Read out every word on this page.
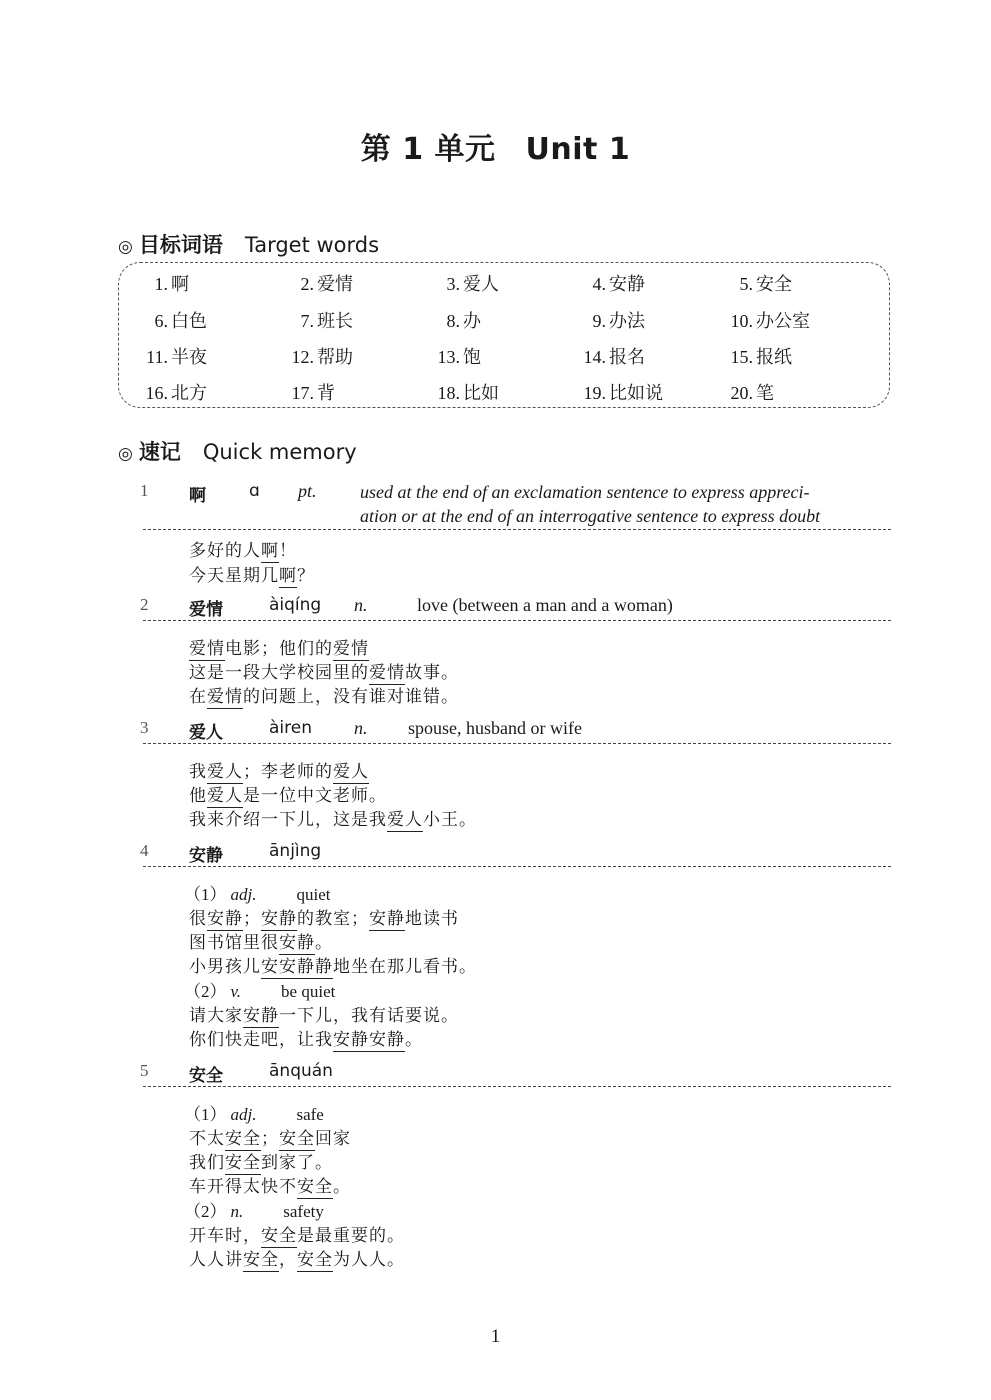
第 1 单元 Unit 1
◎ 目标词语 Target words
1. 啊	2. 爱情	3. 爱人	4. 安静	5. 安全
6. 白色	7. 班长	8. 办	9. 办法	10. 办公室
11. 半夜	12. 帮助	13. 饱	14. 报名	15. 报纸
16. 北方	17. 背	18. 比如	19. 比如说	20. 笔
◎ 速记 Quick memory
1 啊	ɑ pt. used at the end of an exclamation sentence to express appreci-
ation or at the end of an interrogative sentence to express doubt
多好的人啊！
今天星期几啊？
2 爱情	àiqíng n.	love (between a man and a woman)
爱情电影；他们的爱情
这是一段大学校园里的爱情故事。
在爱情的问题上，没有谁对谁错。
3 爱人	àiren n. spouse, husband or wife
我爱人；李老师的爱人
他爱人是一位中文老师。
我来介绍一下儿，这是我爱人小王。
4 安静	ānjìng
（1） adj. quiet
很安静；安静的教室；安静地读书
图书馆里很安静。
小男孩儿安安静静地坐在那儿看书。
（2） v. be quiet
请大家安静一下儿，我有话要说。
你们快走吧，让我安静安静。
5 安全	ānquán
（1） adj. safe
不太安全；安全回家
我们安全到家了。
车开得太快不安全。
（2） n. safety
开车时，安全是最重要的。
人人讲安全，安全为人人。
1
